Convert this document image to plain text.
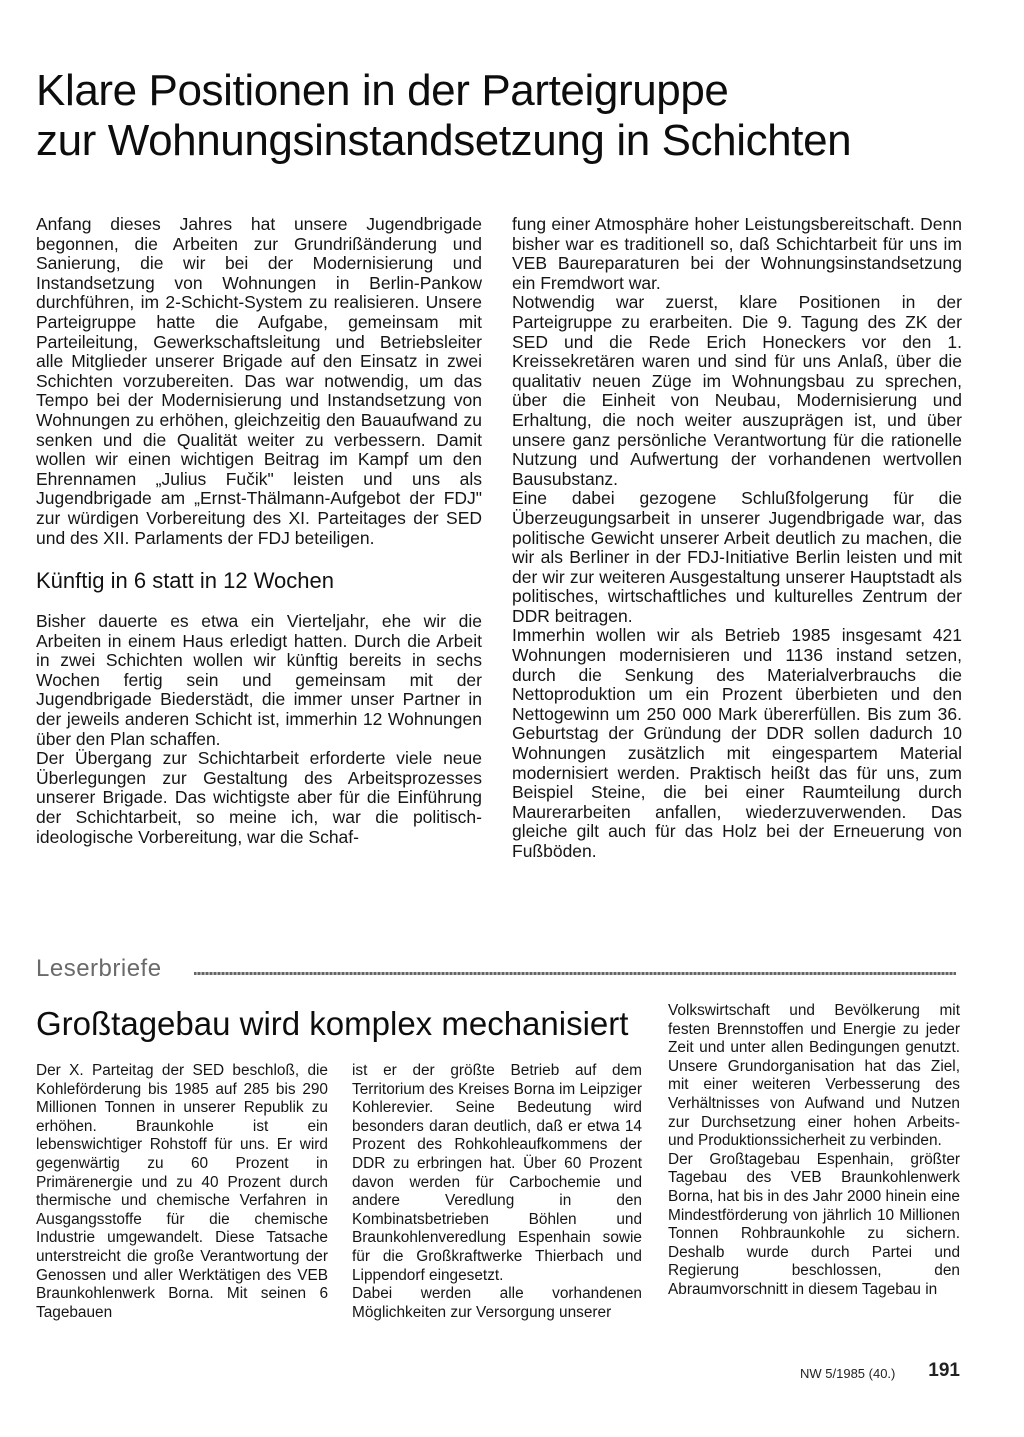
Klare Positionen in der Parteigruppe
zur Wohnungsinstandsetzung in Schichten

Anfang dieses Jahres hat unsere Jugendbrigade begonnen, die Arbeiten zur Grundrißänderung und Sanierung, die wir bei der Modernisierung und Instandsetzung von Wohnungen in Berlin-Pankow durchführen, im 2-Schicht-System zu realisieren. Unsere Parteigruppe hatte die Aufgabe, gemeinsam mit Parteileitung, Gewerkschaftsleitung und Betriebsleiter alle Mitglieder unserer Brigade auf den Einsatz in zwei Schichten vorzubereiten. Das war notwendig, um das Tempo bei der Modernisierung und Instandsetzung von Wohnungen zu erhöhen, gleichzeitig den Bauaufwand zu senken und die Qualität weiter zu verbessern. Damit wollen wir einen wichtigen Beitrag im Kampf um den Ehrennamen „Julius Fučik" leisten und uns als Jugendbrigade am „Ernst-Thälmann-Aufgebot der FDJ" zur würdigen Vorbereitung des XI. Parteitages der SED und des XII. Parlaments der FDJ beteiligen.

Künftig in 6 statt in 12 Wochen

Bisher dauerte es etwa ein Vierteljahr, ehe wir die Arbeiten in einem Haus erledigt hatten. Durch die Arbeit in zwei Schichten wollen wir künftig bereits in sechs Wochen fertig sein und gemeinsam mit der Jugendbrigade Biederstädt, die immer unser Partner in der jeweils anderen Schicht ist, immerhin 12 Wohnungen über den Plan schaffen.

Der Übergang zur Schichtarbeit erforderte viele neue Überlegungen zur Gestaltung des Arbeitsprozesses unserer Brigade. Das wichtigste aber für die Einführung der Schichtarbeit, so meine ich, war die politisch-ideologische Vorbereitung, war die Schaf-

fung einer Atmosphäre hoher Leistungsbereitschaft. Denn bisher war es traditionell so, daß Schichtarbeit für uns im VEB Baureparaturen bei der Wohnungsinstandsetzung ein Fremdwort war.

Notwendig war zuerst, klare Positionen in der Parteigruppe zu erarbeiten. Die 9. Tagung des ZK der SED und die Rede Erich Honeckers vor den 1. Kreissekretären waren und sind für uns Anlaß, über die qualitativ neuen Züge im Wohnungsbau zu sprechen, über die Einheit von Neubau, Modernisierung und Erhaltung, die noch weiter auszuprägen ist, und über unsere ganz persönliche Verantwortung für die rationelle Nutzung und Aufwertung der vorhandenen wertvollen Bausubstanz.

Eine dabei gezogene Schlußfolgerung für die Überzeugungsarbeit in unserer Jugendbrigade war, das politische Gewicht unserer Arbeit deutlich zu machen, die wir als Berliner in der FDJ-Initiative Berlin leisten und mit der wir zur weiteren Ausgestaltung unserer Hauptstadt als politisches, wirtschaftliches und kulturelles Zentrum der DDR beitragen.

Immerhin wollen wir als Betrieb 1985 insgesamt 421 Wohnungen modernisieren und 1136 instand setzen, durch die Senkung des Materialverbrauchs die Nettoproduktion um ein Prozent überbieten und den Nettogewinn um 250 000 Mark übererfüllen. Bis zum 36. Geburtstag der Gründung der DDR sollen dadurch 10 Wohnungen zusätzlich mit eingespartem Material modernisiert werden. Praktisch heißt das für uns, zum Beispiel Steine, die bei einer Raumteilung durch Maurerarbeiten anfallen, wiederzuverwenden. Das gleiche gilt auch für das Holz bei der Erneuerung von Fußböden.

Leserbriefe
Großtagebau wird komplex mechanisiert

Der X. Parteitag der SED beschloß, die Kohleförderung bis 1985 auf 285 bis 290 Millionen Tonnen in unserer Republik zu erhöhen. Braunkohle ist ein lebenswichtiger Rohstoff für uns. Er wird gegenwärtig zu 60 Prozent in Primärenergie und zu 40 Prozent durch thermische und chemische Verfahren in Ausgangsstoffe für die chemische Industrie umgewandelt. Diese Tatsache unterstreicht die große Verantwortung der Genossen und aller Werktätigen des VEB Braunkohlenwerk Borna. Mit seinen 6 Tagebauen

ist er der größte Betrieb auf dem Territorium des Kreises Borna im Leipziger Kohlerevier. Seine Bedeutung wird besonders daran deutlich, daß er etwa 14 Prozent des Rohkohleaufkommens der DDR zu erbringen hat. Über 60 Prozent davon werden für Carbochemie und andere Veredlung in den Kombinatsbetrieben Böhlen und Braunkohlenveredlung Espenhain sowie für die Großkraftwerke Thierbach und Lippendorf eingesetzt.

Dabei werden alle vorhandenen Möglichkeiten zur Versorgung unserer

Volkswirtschaft und Bevölkerung mit festen Brennstoffen und Energie zu jeder Zeit und unter allen Bedingungen genutzt. Unsere Grundorganisation hat das Ziel, mit einer weiteren Verbesserung des Verhältnisses von Aufwand und Nutzen zur Durchsetzung einer hohen Arbeits- und Produktionssicherheit zu verbinden.

Der Großtagebau Espenhain, größter Tagebau des VEB Braunkohlenwerk Borna, hat bis in des Jahr 2000 hinein eine Mindestförderung von jährlich 10 Millionen Tonnen Rohbraunkohle zu sichern. Deshalb wurde durch Partei und Regierung beschlossen, den Abraumvorschnitt in diesem Tagebau in

NW 5/1985 (40.) 191
